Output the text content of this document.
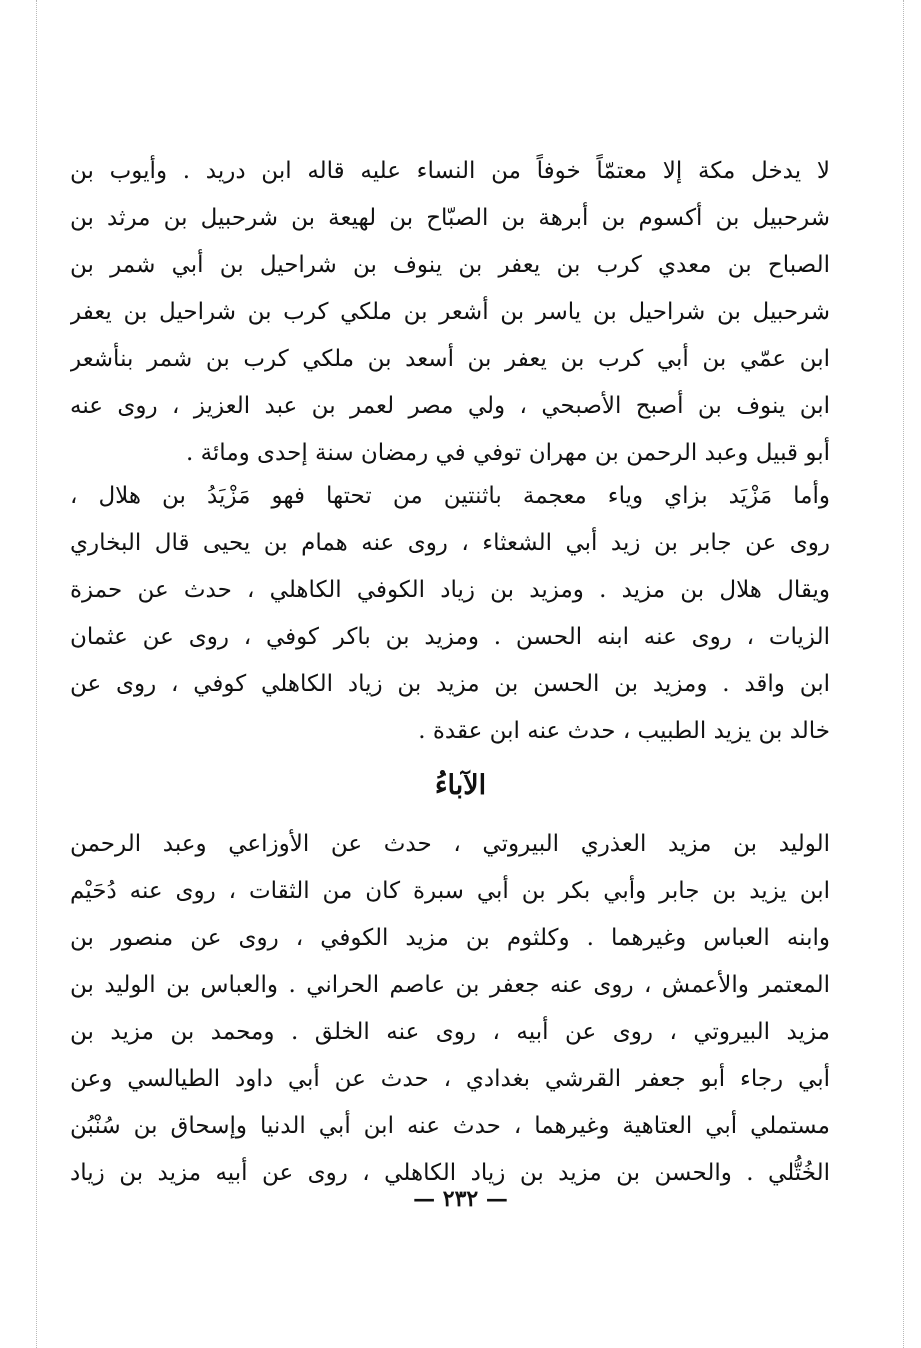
لا يدخل مكة إلا معتمّاً خوفاً من النساء عليه قاله ابن دريد . وأيوب بن
شرحبيل بن أكسوم بن أبرهة بن الصبّاح بن لهيعة بن شرحبيل بن مرثد بن
الصباح بن معدي كرب بن يعفر بن ينوف بن شراحيل بن أبي شمر بن
شرحبيل بن شراحيل بن ياسر بن أشعر بن ملكي كرب بن شراحيل بن يعفر
ابن عمّي بن أبي كرب بن يعفر بن أسعد بن ملكي كرب بن شمر بنأشعر
ابن ينوف بن أصبح الأصبحي ، ولي مصر لعمر بن عبد العزيز ، روى عنه
أبو قبيل وعبد الرحمن بن مهران توفي في رمضان سنة إحدى ومائة .
وأما مَزْيَد بزاي وياء معجمة باثنتين من تحتها فهو مَزْيَدُ بن هلال ،
روى عن جابر بن زيد أبي الشعثاء ، روى عنه همام بن يحيى قال البخاري
ويقال هلال بن مزيد . ومزيد بن زياد الكوفي الكاهلي ، حدث عن حمزة
الزيات ، روى عنه ابنه الحسن . ومزيد بن باكر كوفي ، روى عن عثمان
ابن واقد . ومزيد بن الحسن بن مزيد بن زياد الكاهلي كوفي ، روى عن
خالد بن يزيد الطبيب ، حدث عنه ابن عقدة .
الآباءُ
الوليد بن مزيد العذري البيروتي ، حدث عن الأوزاعي وعبد الرحمن
ابن يزيد بن جابر وأبي بكر بن أبي سبرة كان من الثقات ، روى عنه دُحَيْم
وابنه العباس وغيرهما . وكلثوم بن مزيد الكوفي ، روى عن منصور بن
المعتمر والأعمش ، روى عنه جعفر بن عاصم الحراني . والعباس بن الوليد بن
مزيد البيروتي ، روى عن أبيه ، روى عنه الخلق . ومحمد بن مزيد بن
أبي رجاء أبو جعفر القرشي بغدادي ، حدث عن أبي داود الطيالسي وعن
مستملي أبي العتاهية وغيرهما ، حدث عنه ابن أبي الدنيا وإسحاق بن سُنْبُن
الخُتُّلي . والحسن بن مزيد بن زياد الكاهلي ، روى عن أبيه مزيد بن زياد
— ٢٣٢ —
